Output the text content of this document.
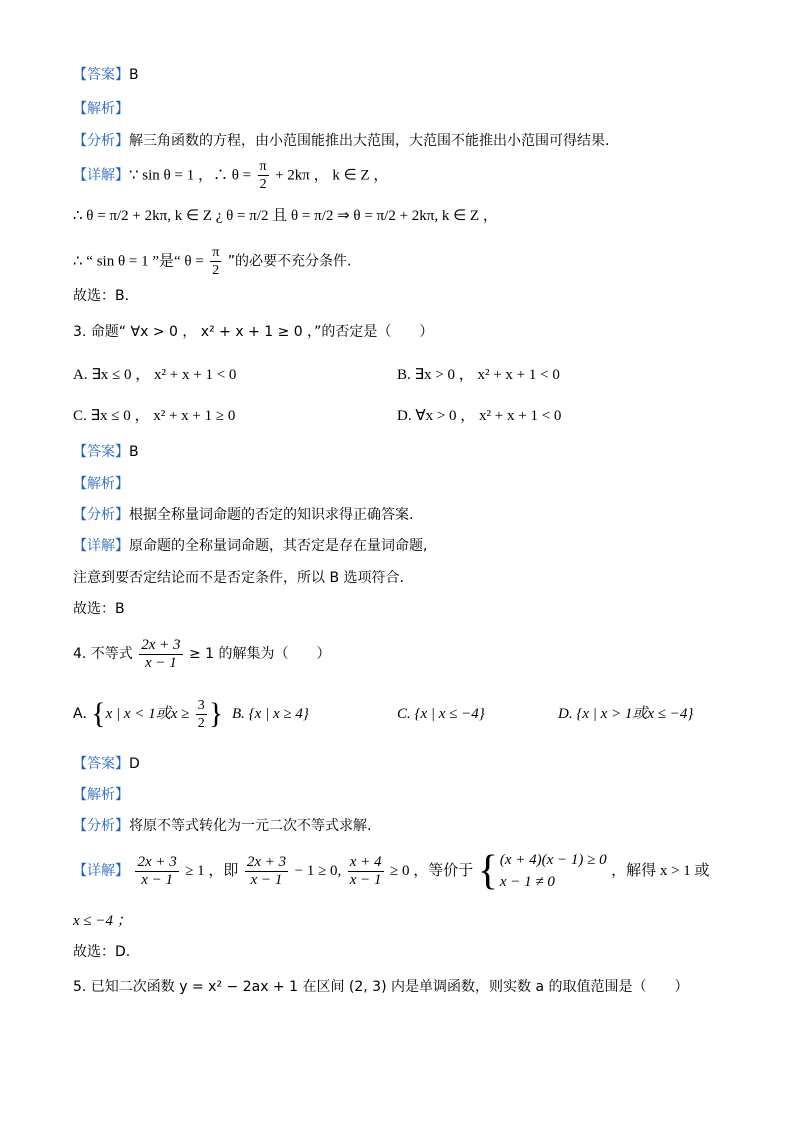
【答案】B
【解析】
【分析】解三角函数的方程，由小范围能推出大范围，大范围不能推出小范围可得结果.
【详解】∵ sin θ = 1 ，∴ $\theta = \frac{\pi}{2} + 2k\pi$ ， k ∈ Z ，
∴ θ = π/2 + 2kπ, k ∈ Z ¿ θ = π/2 且 θ = π/2 ⇒ θ = π/2 + 2kπ, k ∈ Z ，
∴ “ sin θ = 1 ”是“ $\theta = \frac{\pi}{2}$ ”的必要不充分条件.
故选：B.
3. 命题“ ∀x > 0 ， x² + x + 1 ≥ 0 ，”的否定是（　　）
A. ∃x ≤ 0 ， x² + x + 1 < 0	B. ∃x > 0 ， x² + x + 1 < 0
C. ∃x ≤ 0 ， x² + x + 1 ≥ 0	D. ∀x > 0 ， x² + x + 1 < 0
【答案】B
【解析】
【分析】根据全称量词命题的否定的知识求得正确答案.
【详解】原命题的全称量词命题，其否定是存在量词命题,
注意到要否定结论而不是否定条件，所以 B 选项符合.
故选：B
4. 不等式 $\frac{2x + 3}{x - 1} \ge 1$ 的解集为（　　）
A. {x | x < 1或$x \ge \frac{3}{2}$ } B. {x | x ≥ 4}	C. {x | x ≤ −4}	D. {x | x > 1或x ≤ −4}
【答案】D
【解析】
【分析】将原不等式转化为一元二次不等式求解.
【详解】 $\frac{2x + 3}{x - 1} \ge 1$ ，即 $\frac{2x + 3}{x - 1} - 1 \ge 0$, $\frac{x + 4}{x - 1} \ge 0$ ，等价于 { (x + 4)(x − 1) ≥ 0
x − 1 ≠ 0
，解得 x > 1 或
x ≤ −4 ；
故选：D.
5. 已知二次函数 y = x² − 2ax + 1 在区间 (2, 3) 内是单调函数，则实数 a 的取值范围是（　　）
